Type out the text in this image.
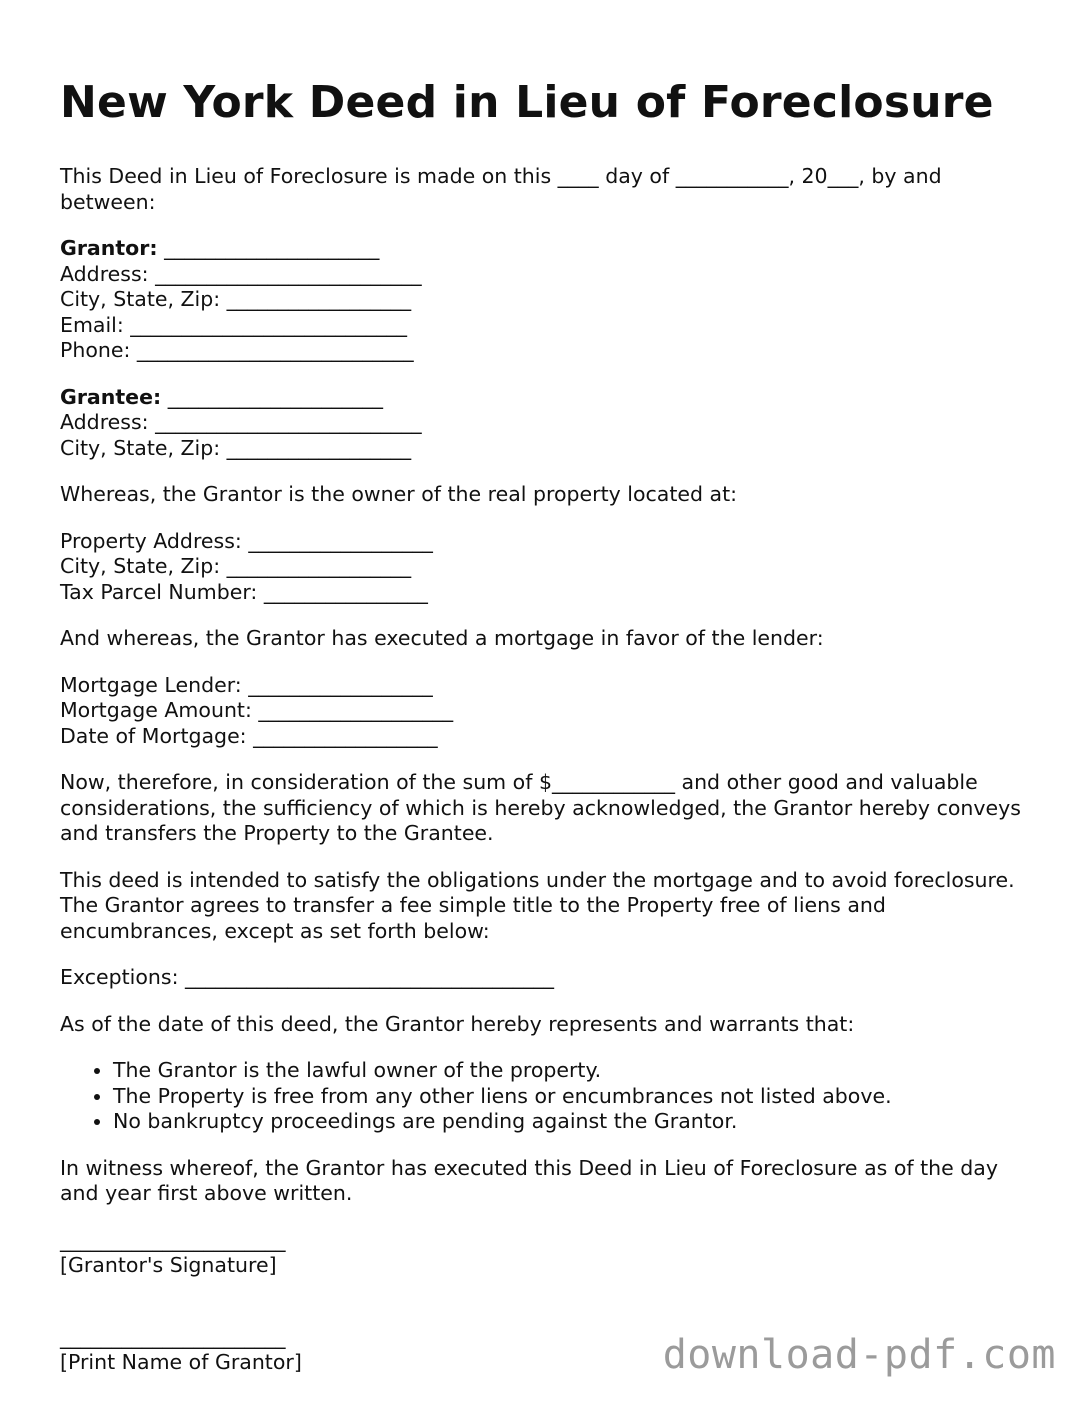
New York Deed in Lieu of Foreclosure

This Deed in Lieu of Foreclosure is made on this ____ day of ___________, 20___, by and between:

Grantor: _____________________
Address: __________________________
City, State, Zip: __________________
Email: ___________________________
Phone: ___________________________
Grantee: _____________________
Address: __________________________
City, State, Zip: __________________

Whereas, the Grantor is the owner of the real property located at:

Property Address: __________________
City, State, Zip: __________________
Tax Parcel Number: ________________

And whereas, the Grantor has executed a mortgage in favor of the lender:

Mortgage Lender: __________________
Mortgage Amount: ___________________
Date of Mortgage: __________________

Now, therefore, in consideration of the sum of $____________ and other good and valuable considerations, the sufficiency of which is hereby acknowledged, the Grantor hereby conveys and transfers the Property to the Grantee.

This deed is intended to satisfy the obligations under the mortgage and to avoid foreclosure. The Grantor agrees to transfer a fee simple title to the Property free of liens and encumbrances, except as set forth below:

Exceptions: ____________________________________

As of the date of this deed, the Grantor hereby represents and warrants that:

• The Grantor is the lawful owner of the property.
• The Property is free from any other liens or encumbrances not listed above.
• No bankruptcy proceedings are pending against the Grantor.

In witness whereof, the Grantor has executed this Deed in Lieu of Foreclosure as of the day and year first above written.

______________________
[Grantor's Signature]
______________________
[Print Name of Grantor]	download-pdf.com
